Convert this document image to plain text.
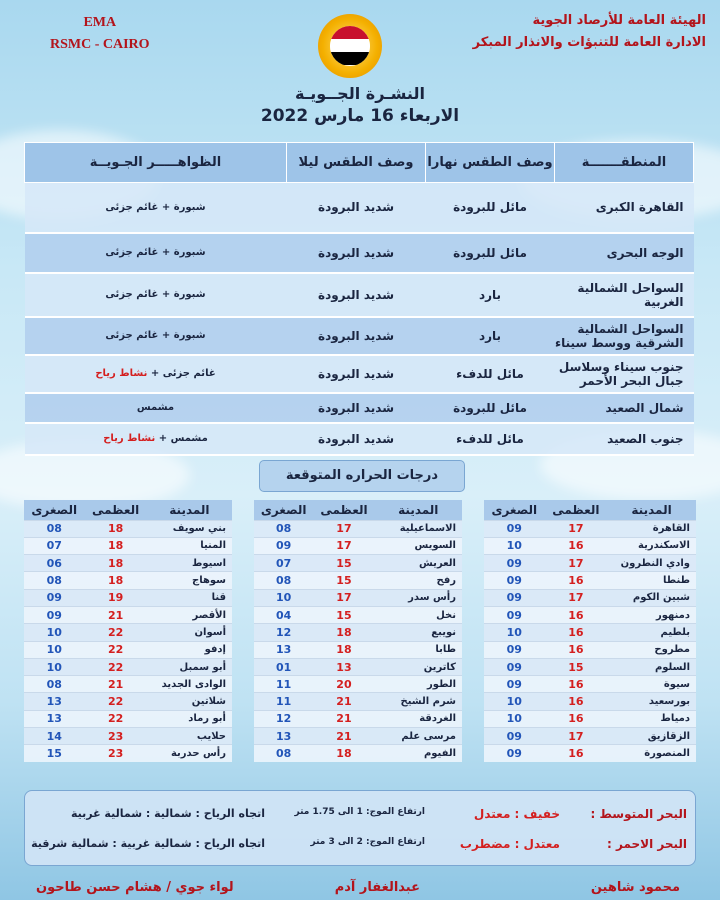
EMA
RSMC - CAIRO
الهيئة العامة للأرصاد الجوية
الادارة العامة للتنبؤات والانذار المبكر
النشـرة الجــويـة
الاربعاء 16 مارس 2022
المنطقـــــــة	وصف الطقس نهارا	وصف الطقس ليلا	الظواهـــــر الجـويــة
القاهرة الكبرى	مائل للبرودة	شديد البرودة	شبورة + غائم جزئى
الوجه البحرى	مائل للبرودة	شديد البرودة	شبورة + غائم جزئى
السواحل الشمالية الغربية	بارد	شديد البرودة	شبورة + غائم جزئى
السواحل الشمالية الشرقية ووسط سيناء	بارد	شديد البرودة	شبورة + غائم جزئى
جنوب سيناء وسلاسل جبال البحر الأحمر	مائل للدفء	شديد البرودة	غائم جزئى + نشاط رياح
شمال الصعيد	مائل للبرودة	شديد البرودة	مشمس
جنوب الصعيد	مائل للدفء	شديد البرودة	مشمس + نشاط رياح
درجات الحراره المتوقعة
المدينة	العظمى	الصغرى
القاهرة	17	09
الاسكندرية	16	10
وادي النطرون	17	09
طنطا	16	09
شبين الكوم	17	09
دمنهور	16	09
بلطيم	16	10
مطروح	16	09
السلوم	15	09
سيوة	16	09
بورسعيد	16	10
دمياط	16	10
الزقازيق	17	09
المنصورة	16	09
المدينة	العظمى	الصغرى
الاسماعيلية	17	08
السويس	17	09
العريش	15	07
رفح	15	08
رأس سدر	17	10
نخل	15	04
نويبع	18	12
طابا	18	13
كاترين	13	01
الطور	20	11
شرم الشيخ	21	11
الغردقة	21	12
مرسى علم	21	13
الفيوم	18	08
المدينة	العظمى	الصغرى
بني سويف	18	08
المنيا	18	07
اسيوط	18	06
سوهاج	18	08
قنا	19	09
الأقصر	21	09
أسوان	22	10
إدفو	22	10
أبو سمبل	22	10
الوادى الجديد	21	08
شلاتين	22	13
أبو رماد	22	13
حلايب	23	14
رأس حدربة	23	15
البحر المتوسط :
خفيف : معتدل
ارتفاع الموج: 1 الى 1.75 متر
اتجاه الرياح : شمالية : شمالية غربية
البحر الاحمر :
معتدل : مضطرب
ارتفاع الموج: 2 الى 3 متر
اتجاه الرياح : شمالية غربية : شمالية شرقية
محمود شاهين
عبدالغفار آدم
لواء جوي / هشام حسن طاحون
